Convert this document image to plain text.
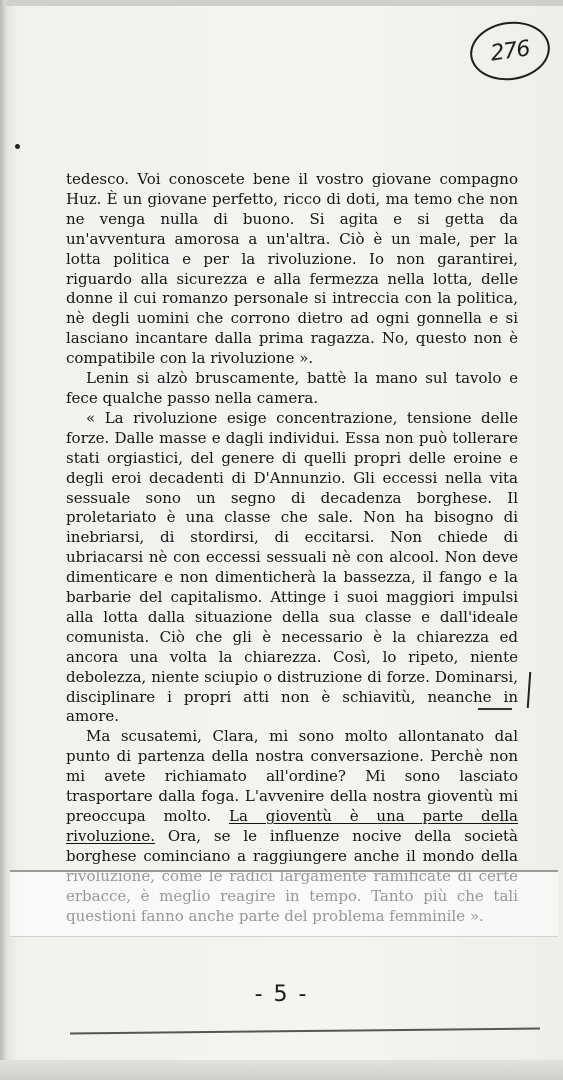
276

tedesco. Voi conoscete bene il vostro giovane compagno Huz. È un giovane perfetto, ricco di doti, ma temo che non ne venga nulla di buono. Si agita e si getta da un'avventura amorosa a un'altra. Ciò è un male, per la lotta politica e per la rivoluzione. Io non garantirei, riguardo alla sicurezza e alla fermezza nella lotta, delle donne il cui romanzo personale si intreccia con la politica, nè degli uomini che corrono dietro ad ogni gonnella e si lasciano incantare dalla prima ragazza. No, questo non è compatibile con la rivoluzione ».

Lenin si alzò bruscamente, battè la mano sul tavolo e fece qualche passo nella camera.

« La rivoluzione esige concentrazione, tensione delle forze. Dalle masse e dagli individui. Essa non può tollerare stati orgiastici, del genere di quelli propri delle eroine e degli eroi decadenti di D'Annunzio. Gli eccessi nella vita sessuale sono un segno di decadenza borghese. Il proletariato è una classe che sale. Non ha bisogno di inebriarsi, di stordirsi, di eccitarsi. Non chiede di ubriacarsi nè con eccessi sessuali nè con alcool. Non deve dimenticare e non dimenticherà la bassezza, il fango e la barbarie del capitalismo. Attinge i suoi maggiori impulsi alla lotta dalla situazione della sua classe e dall'ideale comunista. Ciò che gli è necessario è la chiarezza ed ancora una volta la chiarezza. Così, lo ripeto, niente debolezza, niente sciupio o distruzione di forze. Dominarsi, disciplinare i propri atti non è schiavitù, neanche in amore.

Ma scusatemi, Clara, mi sono molto allontanato dal punto di partenza della nostra conversazione. Perchè non mi avete richiamato all'ordine? Mi sono lasciato trasportare dalla foga. L'avvenire della nostra gioventù mi preoccupa molto. La gioventù è una parte della rivoluzione. Ora, se le influenze nocive della società borghese cominciano a raggiungere anche il mondo della

- 5 -
